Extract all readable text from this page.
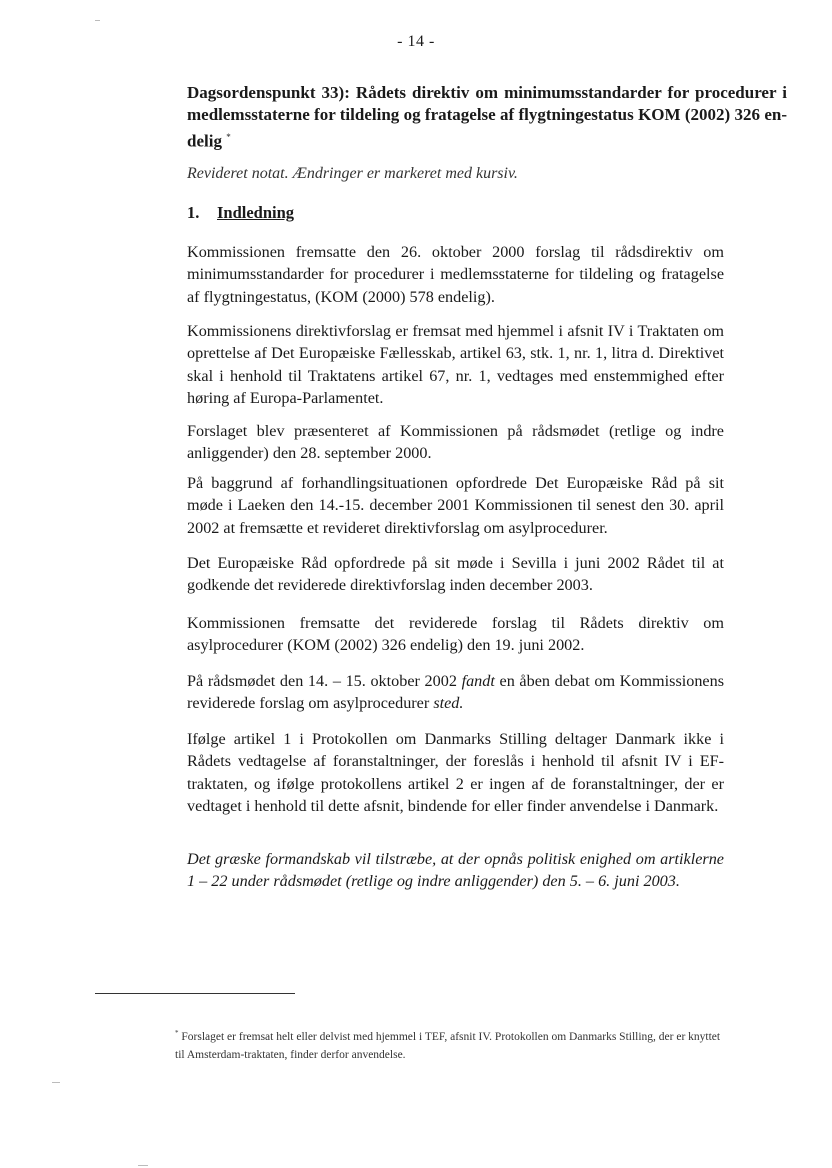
- 14 -
Dagsordenspunkt 33): Rådets direktiv om minimumsstandarder for procedurer i medlemsstaterne for tildeling og fratagelse af flygtningestatus KOM (2002) 326 en-delig *
Revideret notat. Ændringer er markeret med kursiv.
1. Indledning
Kommissionen fremsatte den 26. oktober 2000 forslag til rådsdirektiv om minimumsstandarder for procedurer i medlemsstaterne for tildeling og fratagelse af flygtningestatus, (KOM (2000) 578 endelig).
Kommissionens direktivforslag er fremsat med hjemmel i afsnit IV i Traktaten om oprettelse af Det Europæiske Fællesskab, artikel 63, stk. 1, nr. 1, litra d. Direktivet skal i henhold til Traktatens artikel 67, nr. 1, vedtages med enstemmighed efter høring af Europa-Parlamentet.
Forslaget blev præsenteret af Kommissionen på rådsmødet (retlige og indre anliggender) den 28. september 2000.
På baggrund af forhandlingsituationen opfordrede Det Europæiske Råd på sit møde i Laeken den 14.-15. december 2001 Kommissionen til senest den 30. april 2002 at fremsætte et revideret direktivforslag om asylprocedurer.
Det Europæiske Råd opfordrede på sit møde i Sevilla i juni 2002 Rådet til at godkende det reviderede direktivforslag inden december 2003.
Kommissionen fremsatte det reviderede forslag til Rådets direktiv om asylprocedurer (KOM (2002) 326 endelig) den 19. juni 2002.
På rådsmødet den 14. – 15. oktober 2002 fandt en åben debat om Kommissionens reviderede forslag om asylprocedurer sted.
Ifølge artikel 1 i Protokollen om Danmarks Stilling deltager Danmark ikke i Rådets vedtagelse af foranstaltninger, der foreslås i henhold til afsnit IV i EF-traktaten, og ifølge protokollens artikel 2 er ingen af de foranstaltninger, der er vedtaget i henhold til dette afsnit, bindende for eller finder anvendelse i Danmark.
Det græske formandskab vil tilstræbe, at der opnås politisk enighed om artiklerne 1 – 22 under rådsmødet (retlige og indre anliggender) den 5. – 6. juni 2003.
* Forslaget er fremsat helt eller delvist med hjemmel i TEF, afsnit IV. Protokollen om Danmarks Stilling, der er knyttet til Amsterdam-traktaten, finder derfor anvendelse.
